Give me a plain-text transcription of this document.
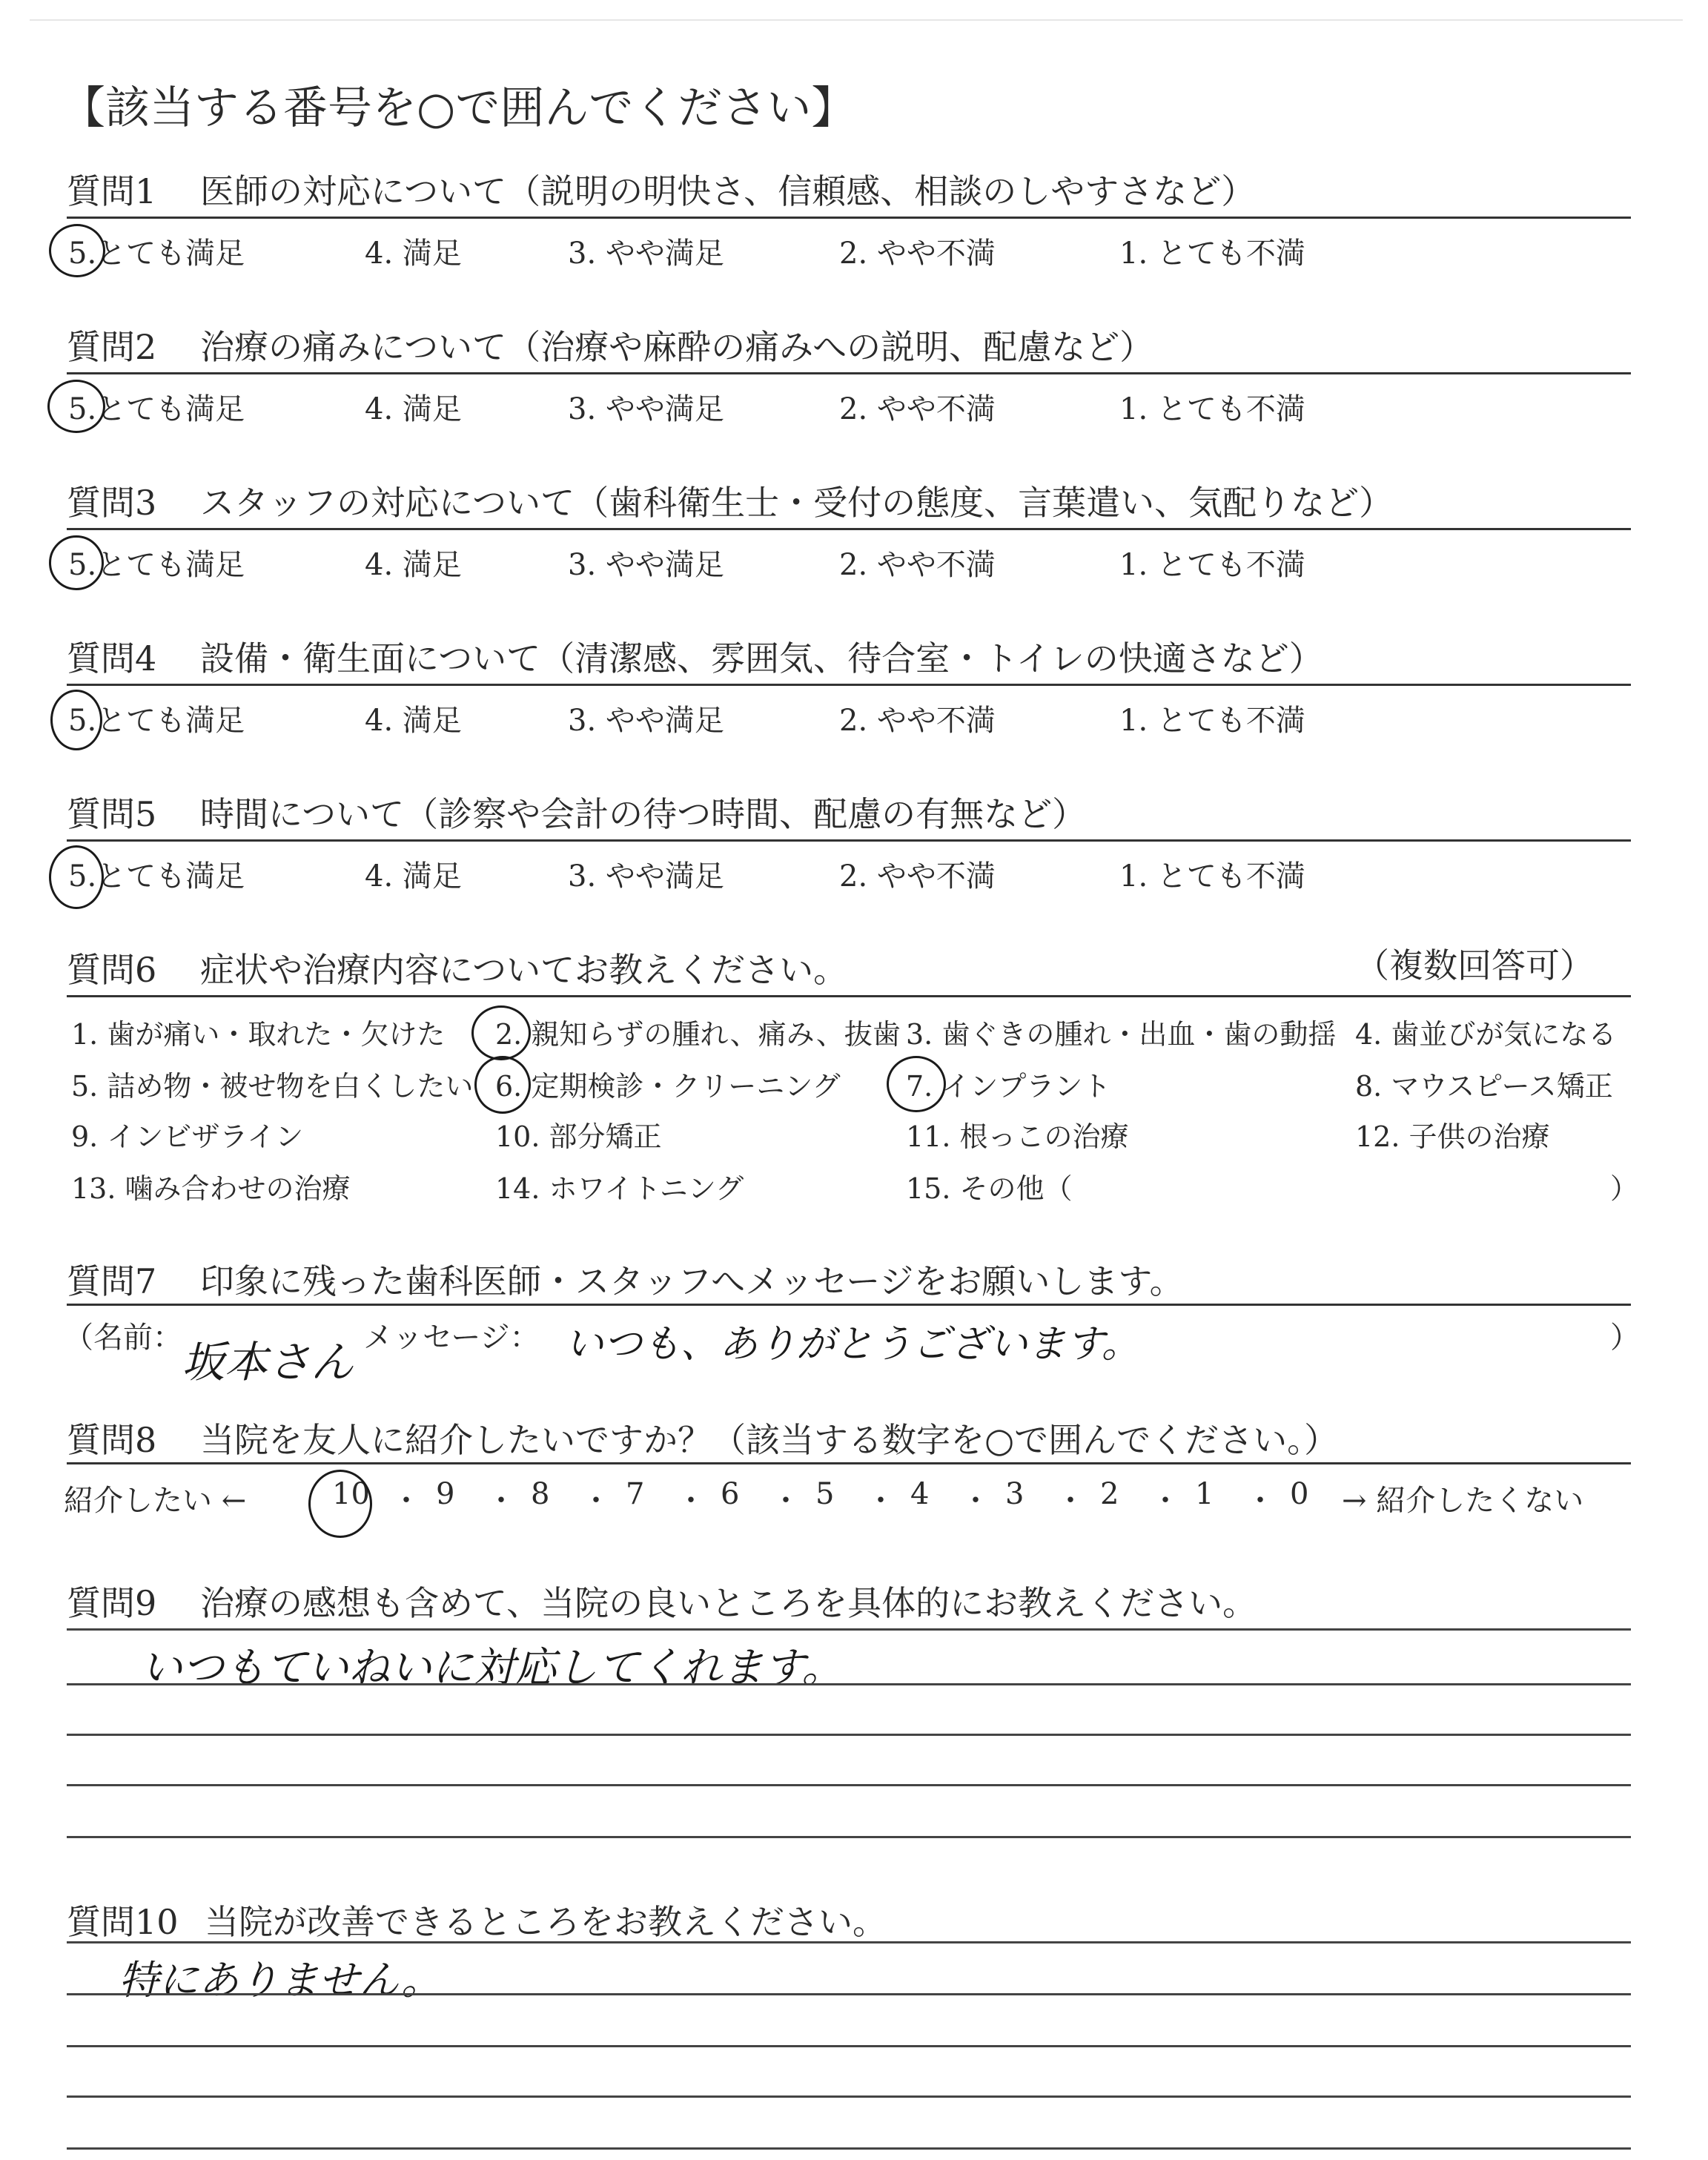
【該当する番号を○で囲んでください】
質問1 医師の対応について（説明の明快さ、信頼感、相談のしやすさなど）
5.とても満足	4. 満足	3. やや満足	2. やや不満	1. とても不満
質問2 治療の痛みについて（治療や麻酔の痛みへの説明、配慮など）
5.とても満足	4. 満足	3. やや満足	2. やや不満	1. とても不満
質問3 スタッフの対応について（歯科衛生士・受付の態度、言葉遣い、気配りなど）
5.とても満足	4. 満足	3. やや満足	2. やや不満	1. とても不満
質問4 設備・衛生面について（清潔感、雰囲気、待合室・トイレの快適さなど）
5.とても満足	4. 満足	3. やや満足	2. やや不満	1. とても不満
質問5 時間について（診察や会計の待つ時間、配慮の有無など）
5.とても満足	4. 満足	3. やや満足	2. やや不満	1. とても不満
質問6 症状や治療内容についてお教えください。	（複数回答可）
1. 歯が痛い・取れた・欠けた 2. 親知らずの腫れ、痛み、抜歯 3. 歯ぐきの腫れ・出血・歯の動揺 4. 歯並びが気になる
5. 詰め物・被せ物を白くしたい 6. 定期検診・クリーニング 7. インプラント	8. マウスピース矯正
9. インビザライン	10. 部分矯正	11. 根っこの治療	12. 子供の治療
13. 噛み合わせの治療	14. ホワイトニング	15. その他（	）
質問7 印象に残った歯科医師・スタッフへメッセージをお願いします。
（名前： 坂本さん メッセージ： いつも、ありがとうございます。	）
質問8 当院を友人に紹介したいですか？（該当する数字を○で囲んでください。）
紹介したい ←	10 ・ 9 ・ 8 ・ 7 ・ 6 ・ 5 ・ 4 ・ 3 ・ 2 ・ 1 ・ 0 → 紹介したくない
質問9 治療の感想も含めて、当院の良いところを具体的にお教えください。
いつもていねいに対応してくれます。
質問10 当院が改善できるところをお教えください。
特にありません。
